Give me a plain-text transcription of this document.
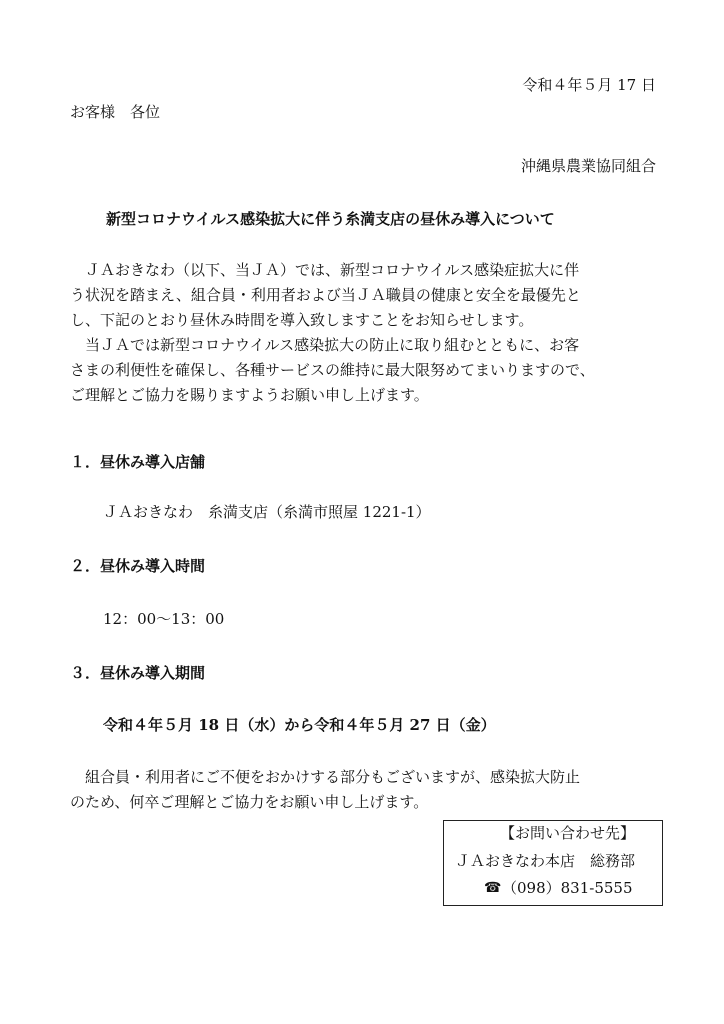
令和４年５月 17 日
お客様　各位
沖縄県農業協同組合
新型コロナウイルス感染拡大に伴う糸満支店の昼休み導入について
　ＪＡおきなわ（以下、当ＪＡ）では、新型コロナウイルス感染症拡大に伴
う状況を踏まえ、組合員・利用者および当ＪＡ職員の健康と安全を最優先と
し、下記のとおり昼休み時間を導入致しますことをお知らせします。
　当ＪＡでは新型コロナウイルス感染拡大の防止に取り組むとともに、お客
さまの利便性を確保し、各種サービスの維持に最大限努めてまいりますので、
ご理解とご協力を賜りますようお願い申し上げます。
１．昼休み導入店舗
ＪＡおきなわ　糸満支店（糸満市照屋 1221-1）
２．昼休み導入時間
12：00～13：00
３．昼休み導入期間
令和４年５月 18 日（水）から令和４年５月 27 日（金）
　組合員・利用者にご不便をおかけする部分もございますが、感染拡大防止
のため、何卒ご理解とご協力をお願い申し上げます。
【お問い合わせ先】
ＪＡおきなわ本店　総務部
☎ （098）831-5555
